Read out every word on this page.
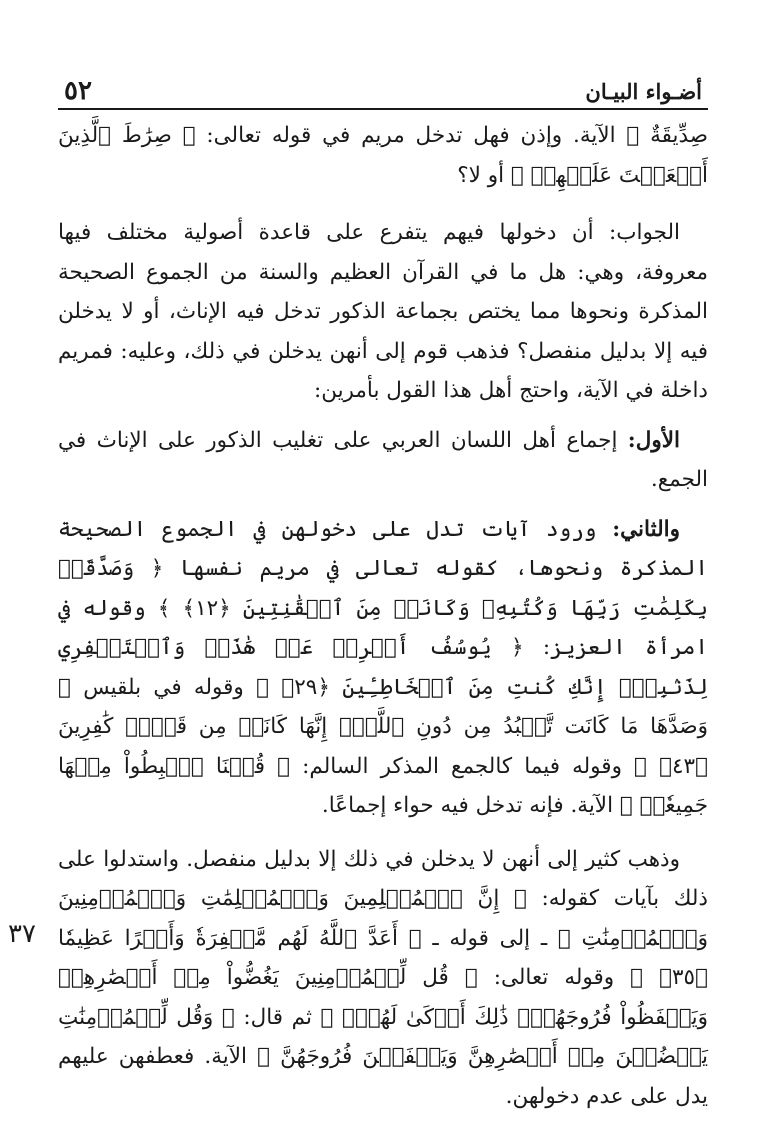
أضـواء البيـان
٥٢

صِدِّيقَةٌ ﴾ الآية. وإذن فهل تدخل مريم في قوله تعالى: ﴿ صِرَٰطَ ٱلَّذِينَ أَنۡعَمۡتَ عَلَيۡهِمۡ ﴾ أو لا؟

الجواب: أن دخولها فيهم يتفرع على قاعدة أصولية مختلف فيها معروفة، وهي: هل ما في القرآن العظيم والسنة من الجموع الصحيحة المذكرة ونحوها مما يختص بجماعة الذكور تدخل فيه الإناث، أو لا يدخلن فيه إلا بدليل منفصل؟ فذهب قوم إلى أنهن يدخلن في ذلك، وعليه: فمريم داخلة في الآية، واحتج أهل هذا القول بأمرين:

الأول: إجماع أهل اللسان العربي على تغليب الذكور على الإناث في الجمع.

والثاني: ورود آيات تدل على دخولهن في الجموع الصحيحة المذكرة ونحوها، كقوله تعالى في مريم نفسها ﴿ وَصَدَّقَتۡ بِكَلِمَٰتِ رَبِّهَا وَكُتُبِهِۦ وَكَانَتۡ مِنَ ٱلۡقَٰنِتِينَ ﴿١٢﴾ ﴾ وقوله في امرأة العزيز: ﴿ يُوسُفُ أَعۡرِضۡ عَنۡ هَٰذَاۚ وَٱسۡتَغۡفِرِي لِذَنۢبِكِۖ إِنَّكِ كُنتِ مِنَ ٱلۡخَاطِـِٔينَ ﴿٢٩﴾ ﴾ وقوله في بلقيس ﴿ وَصَدَّهَا مَا كَانَت تَّعۡبُدُ مِن دُونِ ٱللَّهِۖ إِنَّهَا كَانَتۡ مِن قَوۡمٖ كَٰفِرِينَ ﴿٤٣﴾ ﴾ وقوله فيما كالجمع المذكر السالم: ﴿ قُلۡنَا ٱهۡبِطُواْ مِنۡهَا جَمِيعٗاۖ ﴾ الآية. فإنه تدخل فيه حواء إجماعًا.

وذهب كثير إلى أنهن لا يدخلن في ذلك إلا بدليل منفصل. واستدلوا على ذلك بآيات كقوله: ﴿ إِنَّ ٱلۡمُسۡلِمِينَ وَٱلۡمُسۡلِمَٰتِ وَٱلۡمُؤۡمِنِينَ وَٱلۡمُؤۡمِنَٰتِ ﴾ ـ إلى قوله ـ ﴿ أَعَدَّ ٱللَّهُ لَهُم مَّغۡفِرَةٗ وَأَجۡرًا عَظِيمٗا ﴿٣٥﴾ ﴾ وقوله تعالى: ﴿ قُل لِّلۡمُؤۡمِنِينَ يَغُضُّواْ مِنۡ أَبۡصَٰرِهِمۡ وَيَحۡفَظُواْ فُرُوجَهُمۡۚ ذَٰلِكَ أَزۡكَىٰ لَهُمۡۚ ﴾ ثم قال: ﴿ وَقُل لِّلۡمُؤۡمِنَٰتِ يَغۡضُضۡنَ مِنۡ أَبۡصَٰرِهِنَّ وَيَحۡفَظۡنَ فُرُوجَهُنَّ ﴾ الآية. فعطفهن عليهم يدل على عدم دخولهن.

٣٧
